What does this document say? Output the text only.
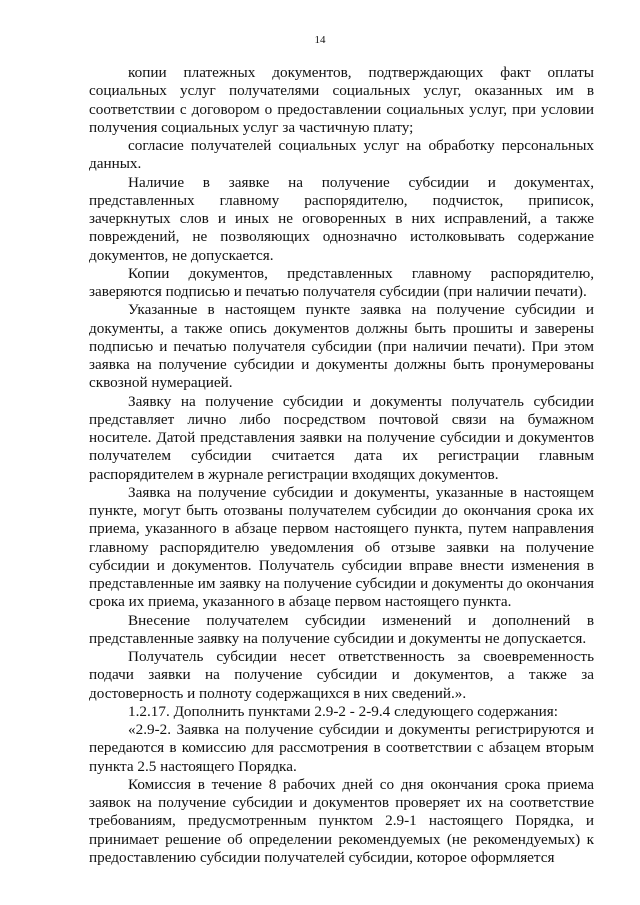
14

копии платежных документов, подтверждающих факт оплаты социальных услуг получателями социальных услуг, оказанных им в соответствии с договором о предоставлении социальных услуг, при условии получения социальных услуг за частичную плату;

согласие получателей социальных услуг на обработку персональных данных.

Наличие в заявке на получение субсидии и документах, представленных главному распорядителю, подчисток, приписок, зачеркнутых слов и иных не оговоренных в них исправлений, а также повреждений, не позволяющих однозначно истолковывать содержание документов, не допускается.

Копии документов, представленных главному распорядителю, заверяются подписью и печатью получателя субсидии (при наличии печати).

Указанные в настоящем пункте заявка на получение субсидии и документы, а также опись документов должны быть прошиты и заверены подписью и печатью получателя субсидии (при наличии печати). При этом заявка на получение субсидии и документы должны быть пронумерованы сквозной нумерацией.

Заявку на получение субсидии и документы получатель субсидии представляет лично либо посредством почтовой связи на бумажном носителе. Датой представления заявки на получение субсидии и документов получателем субсидии считается дата их регистрации главным распорядителем в журнале регистрации входящих документов.

Заявка на получение субсидии и документы, указанные в настоящем пункте, могут быть отозваны получателем субсидии до окончания срока их приема, указанного в абзаце первом настоящего пункта, путем направления главному распорядителю уведомления об отзыве заявки на получение субсидии и документов. Получатель субсидии вправе внести изменения в представленные им заявку на получение субсидии и документы до окончания срока их приема, указанного в абзаце первом настоящего пункта.

Внесение получателем субсидии изменений и дополнений в представленные заявку на получение субсидии и документы не допускается.

Получатель субсидии несет ответственность за своевременность подачи заявки на получение субсидии и документов, а также за достоверность и полноту содержащихся в них сведений.».

1.2.17. Дополнить пунктами 2.9-2 - 2-9.4 следующего содержания:

«2.9-2. Заявка на получение субсидии и документы регистрируются и передаются в комиссию для рассмотрения в соответствии с абзацем вторым пункта 2.5 настоящего Порядка.

Комиссия в течение 8 рабочих дней со дня окончания срока приема заявок на получение субсидии и документов проверяет их на соответствие требованиям, предусмотренным пунктом 2.9-1 настоящего Порядка, и принимает решение об определении рекомендуемых (не рекомендуемых) к предоставлению субсидии получателей субсидии, которое оформляется
